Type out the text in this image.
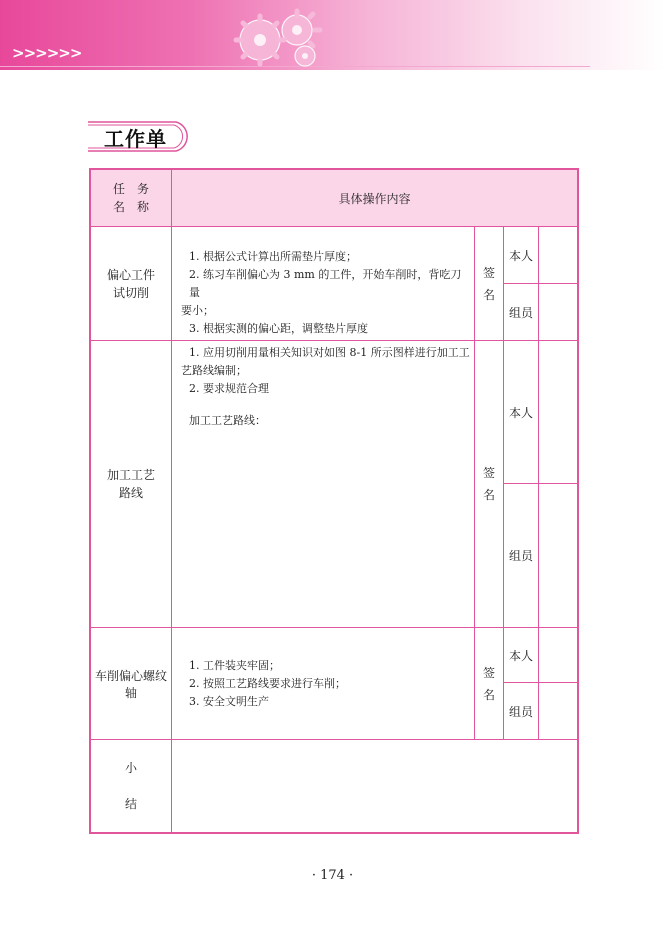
>>>>>>
工作单
任　务
名　称
具体操作内容
偏心工件
试切削

1. 根据公式计算出所需垫片厚度；

2. 练习车削偏心为 3 mm 的工件，开始车削时，背吃刀量

要小；

3. 根据实测的偏心距，调整垫片厚度

签
名
本人
组员
加工工艺
路线

1. 应用切削用量相关知识对如图 8-1 所示图样进行加工工

艺路线编制；

2. 要求规范合理

加工工艺路线：

签
名
本人
组员
车削偏心螺纹轴

1. 工件装夹牢固；

2. 按照工艺路线要求进行车削；

3. 安全文明生产

签
名
本人
组员
小
结
· 174 ·
